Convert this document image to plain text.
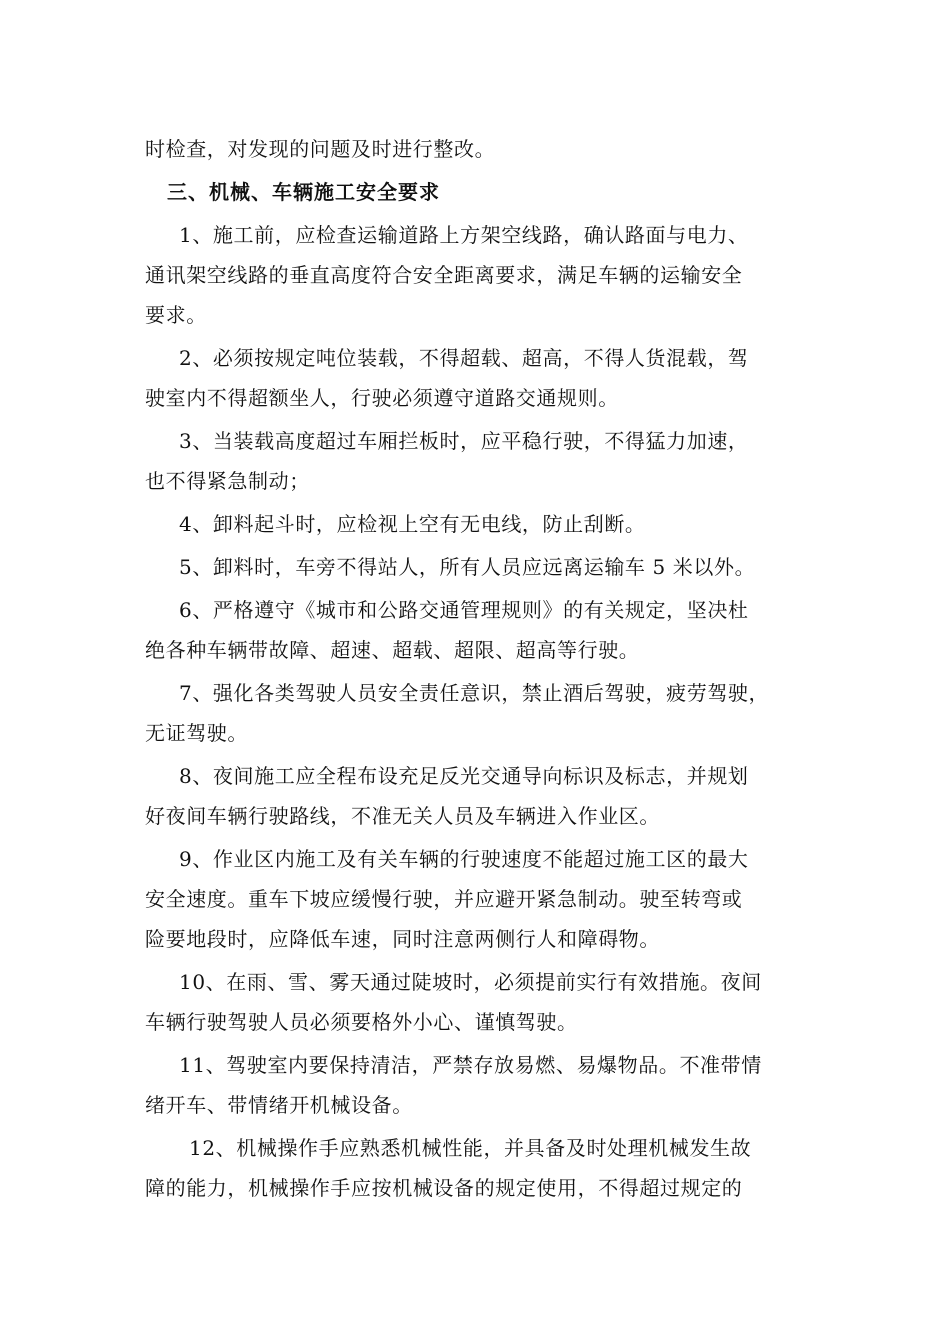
时检查，对发现的问题及时进行整改。
三、机械、车辆施工安全要求
1、施工前，应检查运输道路上方架空线路，确认路面与电力、
通讯架空线路的垂直高度符合安全距离要求，满足车辆的运输安全
要求。
2、必须按规定吨位装载，不得超载、超高，不得人货混载，驾
驶室内不得超额坐人，行驶必须遵守道路交通规则。
3、当装载高度超过车厢拦板时，应平稳行驶，不得猛力加速，
也不得紧急制动；
4、卸料起斗时，应检视上空有无电线，防止刮断。
5、卸料时，车旁不得站人，所有人员应远离运输车 5 米以外。
6、严格遵守《城市和公路交通管理规则》的有关规定，坚决杜
绝各种车辆带故障、超速、超载、超限、超高等行驶。
7、强化各类驾驶人员安全责任意识，禁止酒后驾驶，疲劳驾驶，
无证驾驶。
8、夜间施工应全程布设充足反光交通导向标识及标志，并规划
好夜间车辆行驶路线，不准无关人员及车辆进入作业区。
9、作业区内施工及有关车辆的行驶速度不能超过施工区的最大
安全速度。重车下坡应缓慢行驶，并应避开紧急制动。驶至转弯或
险要地段时，应降低车速，同时注意两侧行人和障碍物。
10、在雨、雪、雾天通过陡坡时，必须提前实行有效措施。夜间
车辆行驶驾驶人员必须要格外小心、谨慎驾驶。
11、驾驶室内要保持清洁，严禁存放易燃、易爆物品。不准带情
绪开车、带情绪开机械设备。
12、机械操作手应熟悉机械性能，并具备及时处理机械发生故
障的能力，机械操作手应按机械设备的规定使用，不得超过规定的
